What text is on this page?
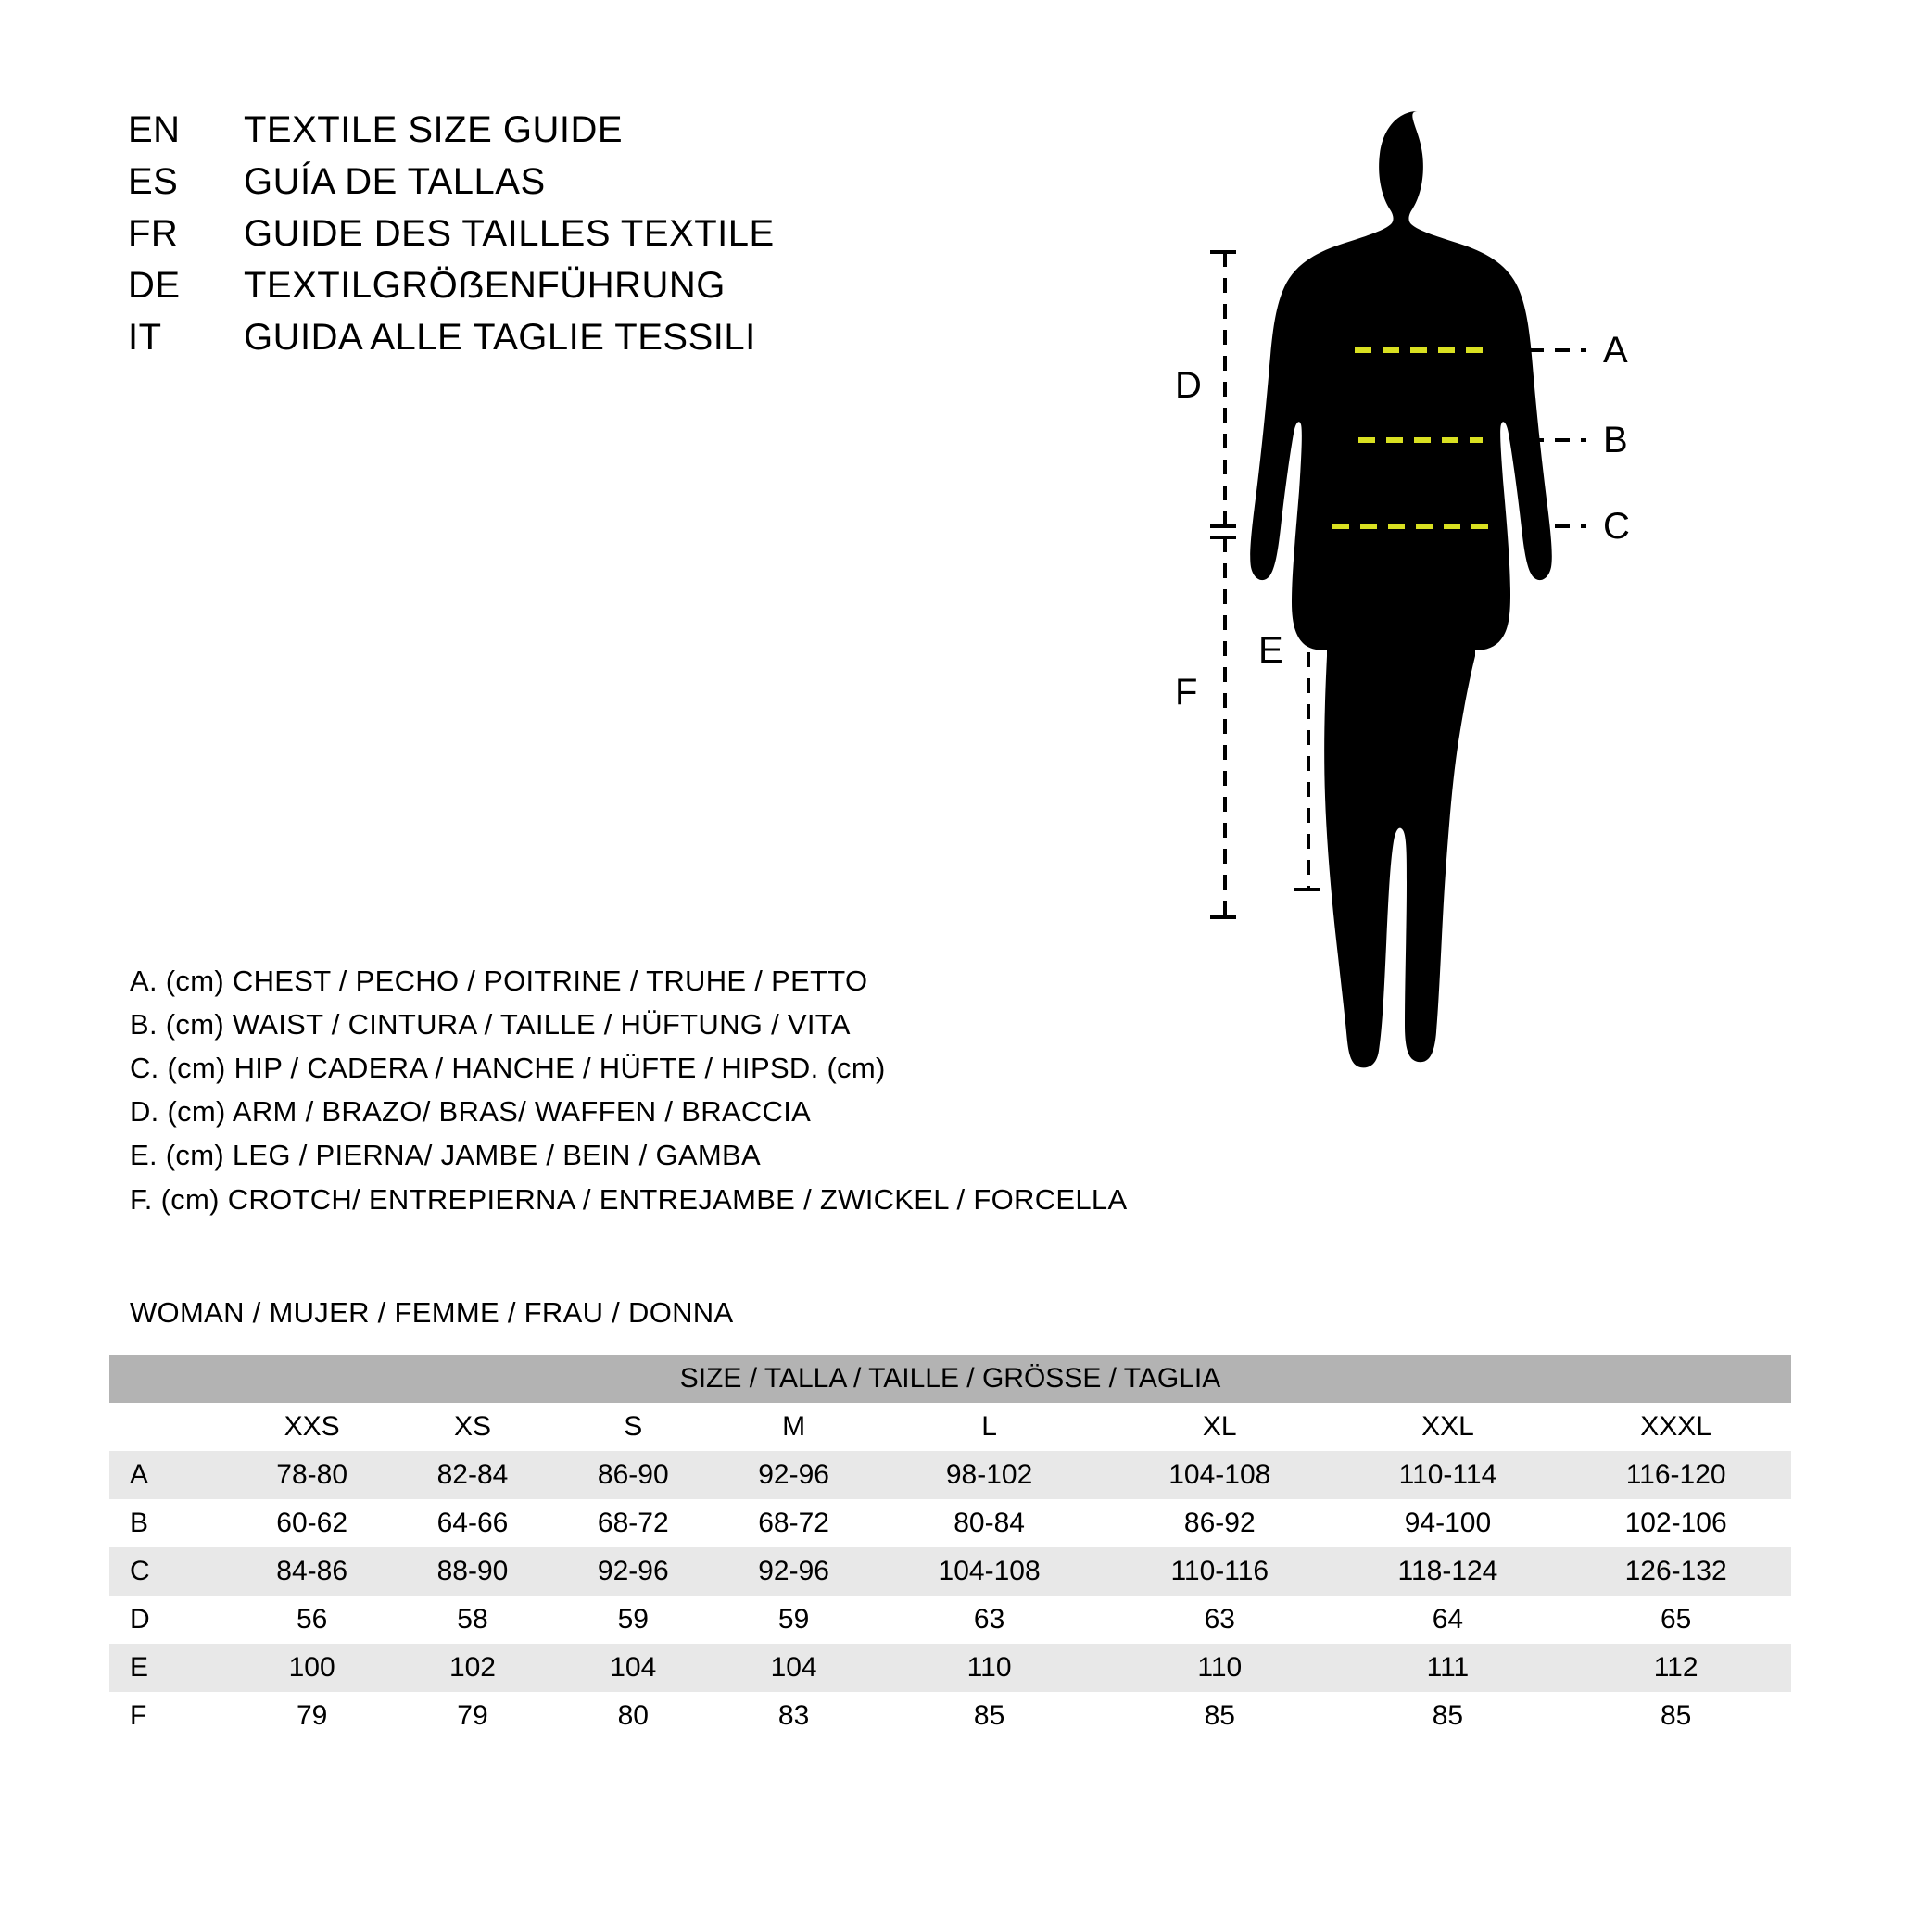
EN	TEXTILE SIZE GUIDE
ES	GUÍA DE TALLAS
FR	GUIDE DES TAILLES TEXTILE
DE	TEXTILGRÖẞENFÜHRUNG
IT	GUIDA ALLE TAGLIE TESSILI	A
B
C
D
E
F
A. (cm) CHEST / PECHO / POITRINE / TRUHE / PETTO
B. (cm) WAIST / CINTURA / TAILLE / HÜFTUNG / VITA
C. (cm) HIP / CADERA / HANCHE / HÜFTE / HIPSD. (cm)
D. (cm) ARM / BRAZO/ BRAS/ WAFFEN / BRACCIA
E. (cm) LEG / PIERNA/ JAMBE / BEIN / GAMBA
F. (cm) CROTCH/ ENTREPIERNA / ENTREJAMBE / ZWICKEL / FORCELLA
WOMAN / MUJER / FEMME / FRAU / DONNA
SIZE / TALLA / TAILLE / GRÖSSE / TAGLIA								
	XXS	XS	S	M	L	XL	XXL	XXXL
A	78-80	82-84	86-90	92-96	98-102	104-108	110-114	116-120
B	60-62	64-66	68-72	68-72	80-84	86-92	94-100	102-106
C	84-86	88-90	92-96	92-96	104-108	110-116	118-124	126-132
D	56	58	59	59	63	63	64	65
E	100	102	104	104	110	110	111	112
F	79	79	80	83	85	85	85	85
